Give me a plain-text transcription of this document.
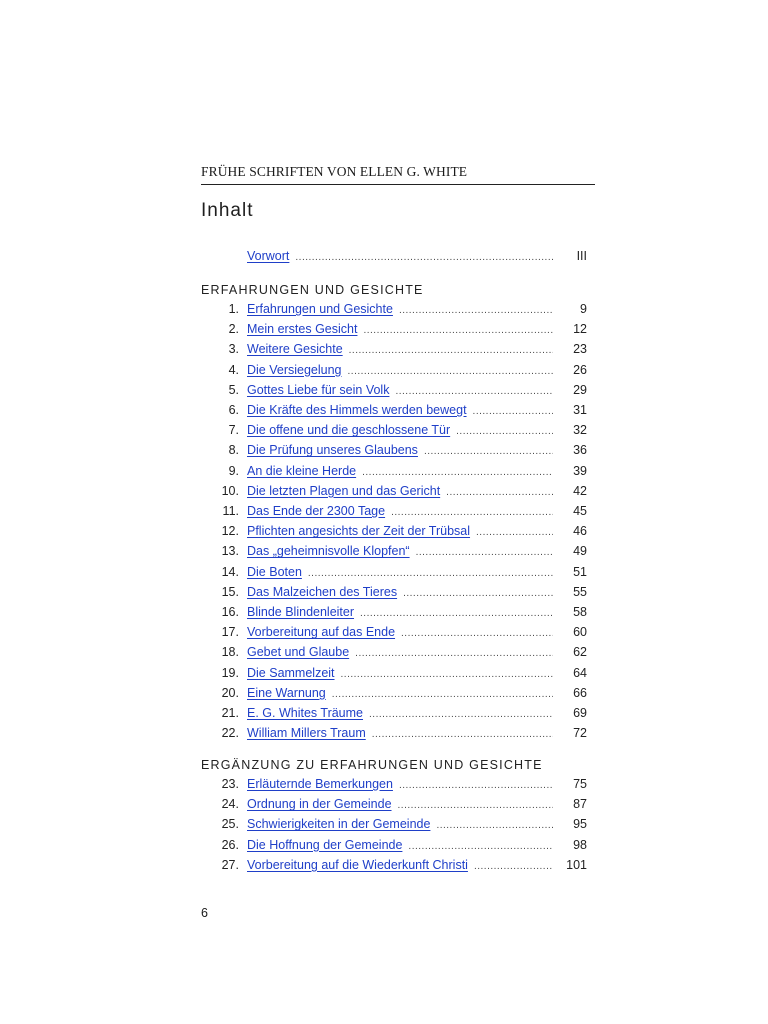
FRÜHE SCHRIFTEN VON ELLEN G. WHITE
Inhalt
Vorwort .....	III
ERFAHRUNGEN UND GESICHTE
1. Erfahrungen und Gesichte .....	9
2. Mein erstes Gesicht .....	12
3. Weitere Gesichte .....	23
4. Die Versiegelung .....	26
5. Gottes Liebe für sein Volk .....	29
6. Die Kräfte des Himmels werden bewegt .....	31
7. Die offene und die geschlossene Tür .....	32
8. Die Prüfung unseres Glaubens .....	36
9. An die kleine Herde .....	39
10. Die letzten Plagen und das Gericht .....	42
11. Das Ende der 2300 Tage .....	45
12. Pflichten angesichts der Zeit der Trübsal .....	46
13. Das „geheimnisvolle Klopfen“ .....	49
14. Die Boten .....	51
15. Das Malzeichen des Tieres .....	55
16. Blinde Blindenleiter .....	58
17. Vorbereitung auf das Ende .....	60
18. Gebet und Glaube .....	62
19. Die Sammelzeit .....	64
20. Eine Warnung .....	66
21. E. G. Whites Träume .....	69
22. William Millers Traum .....	72
ERGÄNZUNG ZU ERFAHRUNGEN UND GESICHTE
23. Erläuternde Bemerkungen .....	75
24. Ordnung in der Gemeinde .....	87
25. Schwierigkeiten in der Gemeinde .....	95
26. Die Hoffnung der Gemeinde .....	98
27. Vorbereitung auf die Wiederkunft Christi .....	101
6
